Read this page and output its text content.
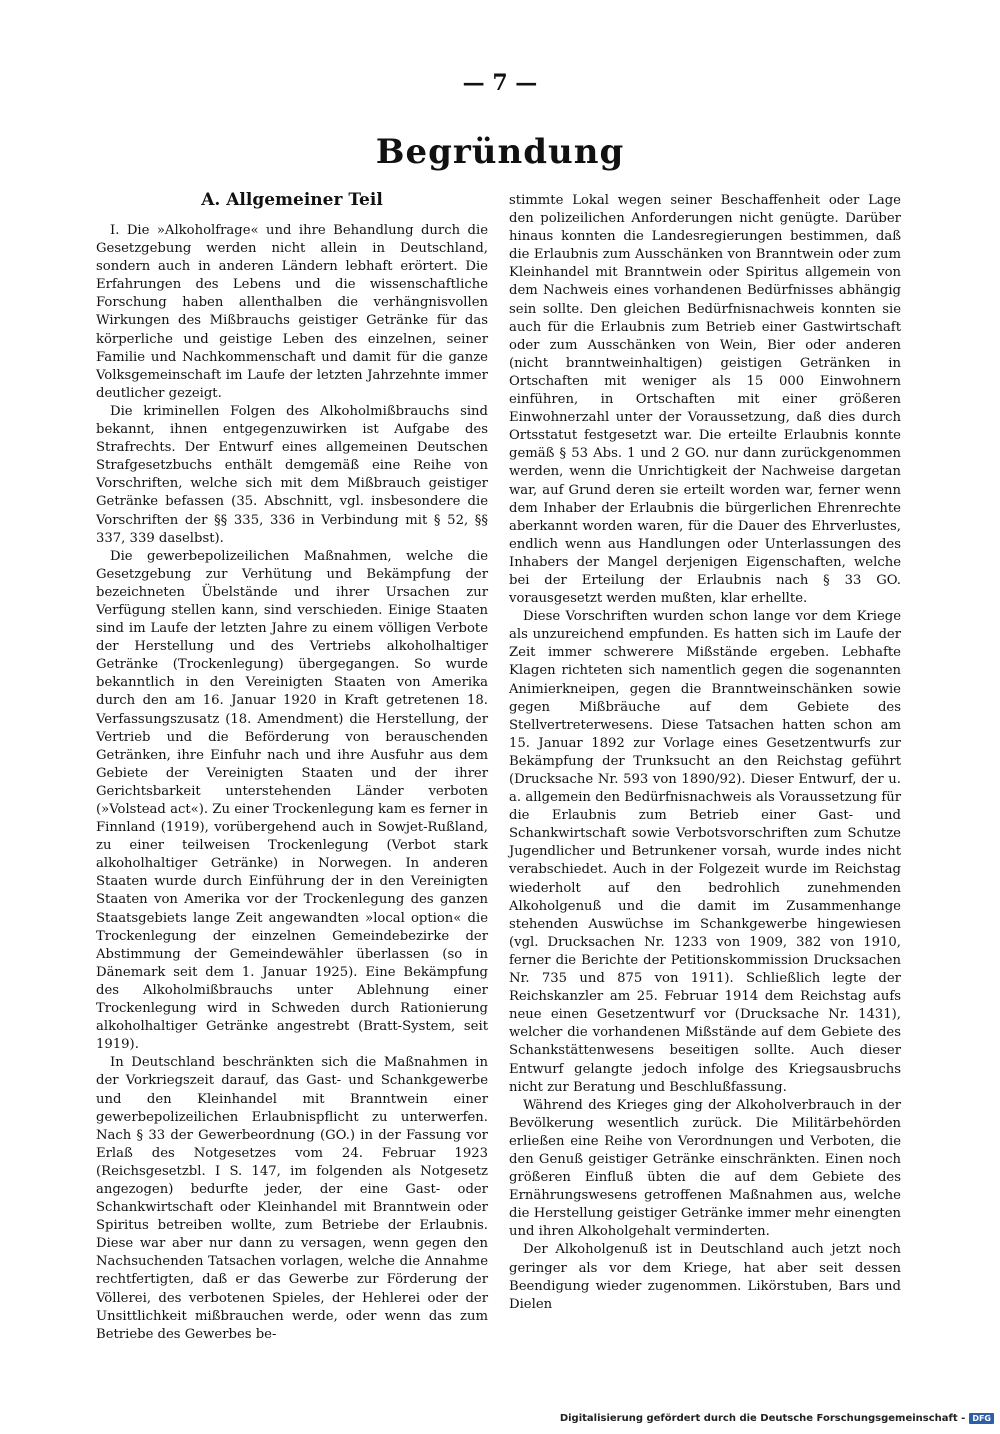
— 7 —
Begründung
A. Allgemeiner Teil

I. Die »Alkoholfrage« und ihre Behandlung durch die Gesetzgebung werden nicht allein in Deutschland, sondern auch in anderen Ländern lebhaft erörtert. Die Erfahrungen des Lebens und die wissenschaftliche Forschung haben allenthalben die verhängnisvollen Wirkungen des Mißbrauchs geistiger Getränke für das körperliche und geistige Leben des einzelnen, seiner Familie und Nachkommenschaft und damit für die ganze Volksgemeinschaft im Laufe der letzten Jahrzehnte immer deutlicher gezeigt.

Die kriminellen Folgen des Alkoholmißbrauchs sind bekannt, ihnen entgegenzuwirken ist Aufgabe des Strafrechts. Der Entwurf eines allgemeinen Deutschen Strafgesetzbuchs enthält demgemäß eine Reihe von Vorschriften, welche sich mit dem Mißbrauch geistiger Getränke befassen (35. Abschnitt, vgl. insbesondere die Vorschriften der §§ 335, 336 in Verbindung mit § 52, §§ 337, 339 daselbst).

Die gewerbepolizeilichen Maßnahmen, welche die Gesetzgebung zur Verhütung und Bekämpfung der bezeichneten Übelstände und ihrer Ursachen zur Verfügung stellen kann, sind verschieden. Einige Staaten sind im Laufe der letzten Jahre zu einem völligen Verbote der Herstellung und des Vertriebs alkoholhaltiger Getränke (Trockenlegung) übergegangen. So wurde bekanntlich in den Vereinigten Staaten von Amerika durch den am 16. Januar 1920 in Kraft getretenen 18. Verfassungszusatz (18. Amendment) die Herstellung, der Vertrieb und die Beförderung von berauschenden Getränken, ihre Einfuhr nach und ihre Ausfuhr aus dem Gebiete der Vereinigten Staaten und der ihrer Gerichtsbarkeit unterstehenden Länder verboten (»Volstead act«). Zu einer Trockenlegung kam es ferner in Finnland (1919), vorübergehend auch in Sowjet-Rußland, zu einer teilweisen Trockenlegung (Verbot stark alkoholhaltiger Getränke) in Norwegen. In anderen Staaten wurde durch Einführung der in den Vereinigten Staaten von Amerika vor der Trockenlegung des ganzen Staatsgebiets lange Zeit angewandten »local option« die Trockenlegung der einzelnen Gemeindebezirke der Abstimmung der Gemeindewähler überlassen (so in Dänemark seit dem 1. Januar 1925). Eine Bekämpfung des Alkoholmißbrauchs unter Ablehnung einer Trockenlegung wird in Schweden durch Rationierung alkoholhaltiger Getränke angestrebt (Bratt-System, seit 1919).

In Deutschland beschränkten sich die Maßnahmen in der Vorkriegszeit darauf, das Gast- und Schankgewerbe und den Kleinhandel mit Branntwein einer gewerbepolizeilichen Erlaubnispflicht zu unterwerfen. Nach § 33 der Gewerbeordnung (GO.) in der Fassung vor Erlaß des Notgesetzes vom 24. Februar 1923 (Reichsgesetzbl. I S. 147, im folgenden als Notgesetz angezogen) bedurfte jeder, der eine Gast- oder Schankwirtschaft oder Kleinhandel mit Branntwein oder Spiritus betreiben wollte, zum Betriebe der Erlaubnis. Diese war aber nur dann zu versagen, wenn gegen den Nachsuchenden Tatsachen vorlagen, welche die Annahme rechtfertigten, daß er das Gewerbe zur Förderung der Völlerei, des verbotenen Spieles, der Hehlerei oder der Unsittlichkeit mißbrauchen werde, oder wenn das zum Betriebe des Gewerbes be-

stimmte Lokal wegen seiner Beschaffenheit oder Lage den polizeilichen Anforderungen nicht genügte. Darüber hinaus konnten die Landesregierungen bestimmen, daß die Erlaubnis zum Ausschänken von Branntwein oder zum Kleinhandel mit Branntwein oder Spiritus allgemein von dem Nachweis eines vorhandenen Bedürfnisses abhängig sein sollte. Den gleichen Bedürfnisnachweis konnten sie auch für die Erlaubnis zum Betrieb einer Gastwirtschaft oder zum Ausschänken von Wein, Bier oder anderen (nicht branntweinhaltigen) geistigen Getränken in Ortschaften mit weniger als 15 000 Einwohnern einführen, in Ortschaften mit einer größeren Einwohnerzahl unter der Voraussetzung, daß dies durch Ortsstatut festgesetzt war. Die erteilte Erlaubnis konnte gemäß § 53 Abs. 1 und 2 GO. nur dann zurückgenommen werden, wenn die Unrichtigkeit der Nachweise dargetan war, auf Grund deren sie erteilt worden war, ferner wenn dem Inhaber der Erlaubnis die bürgerlichen Ehrenrechte aberkannt worden waren, für die Dauer des Ehrverlustes, endlich wenn aus Handlungen oder Unterlassungen des Inhabers der Mangel derjenigen Eigenschaften, welche bei der Erteilung der Erlaubnis nach § 33 GO. vorausgesetzt werden mußten, klar erhellte.

Diese Vorschriften wurden schon lange vor dem Kriege als unzureichend empfunden. Es hatten sich im Laufe der Zeit immer schwerere Mißstände ergeben. Lebhafte Klagen richteten sich namentlich gegen die sogenannten Animierkneipen, gegen die Branntweinschänken sowie gegen Mißbräuche auf dem Gebiete des Stellvertreterwesens. Diese Tatsachen hatten schon am 15. Januar 1892 zur Vorlage eines Gesetzentwurfs zur Bekämpfung der Trunksucht an den Reichstag geführt (Drucksache Nr. 593 von 1890/92). Dieser Entwurf, der u. a. allgemein den Bedürfnisnachweis als Voraussetzung für die Erlaubnis zum Betrieb einer Gast- und Schankwirtschaft sowie Verbotsvorschriften zum Schutze Jugendlicher und Betrunkener vorsah, wurde indes nicht verabschiedet. Auch in der Folgezeit wurde im Reichstag wiederholt auf den bedrohlich zunehmenden Alkoholgenuß und die damit im Zusammenhange stehenden Auswüchse im Schankgewerbe hingewiesen (vgl. Drucksachen Nr. 1233 von 1909, 382 von 1910, ferner die Berichte der Petitionskommission Drucksachen Nr. 735 und 875 von 1911). Schließlich legte der Reichskanzler am 25. Februar 1914 dem Reichstag aufs neue einen Gesetzentwurf vor (Drucksache Nr. 1431), welcher die vorhandenen Mißstände auf dem Gebiete des Schankstättenwesens beseitigen sollte. Auch dieser Entwurf gelangte jedoch infolge des Kriegsausbruchs nicht zur Beratung und Beschlußfassung.

Während des Krieges ging der Alkoholverbrauch in der Bevölkerung wesentlich zurück. Die Militärbehörden erließen eine Reihe von Verordnungen und Verboten, die den Genuß geistiger Getränke einschränkten. Einen noch größeren Einfluß übten die auf dem Gebiete des Ernährungswesens getroffenen Maßnahmen aus, welche die Herstellung geistiger Getränke immer mehr einengten und ihren Alkoholgehalt verminderten.

Der Alkoholgenuß ist in Deutschland auch jetzt noch geringer als vor dem Kriege, hat aber seit dessen Beendigung wieder zugenommen. Likörstuben, Bars und Dielen

Digitalisierung gefördert durch die Deutsche Forschungsgemeinschaft - DFG
